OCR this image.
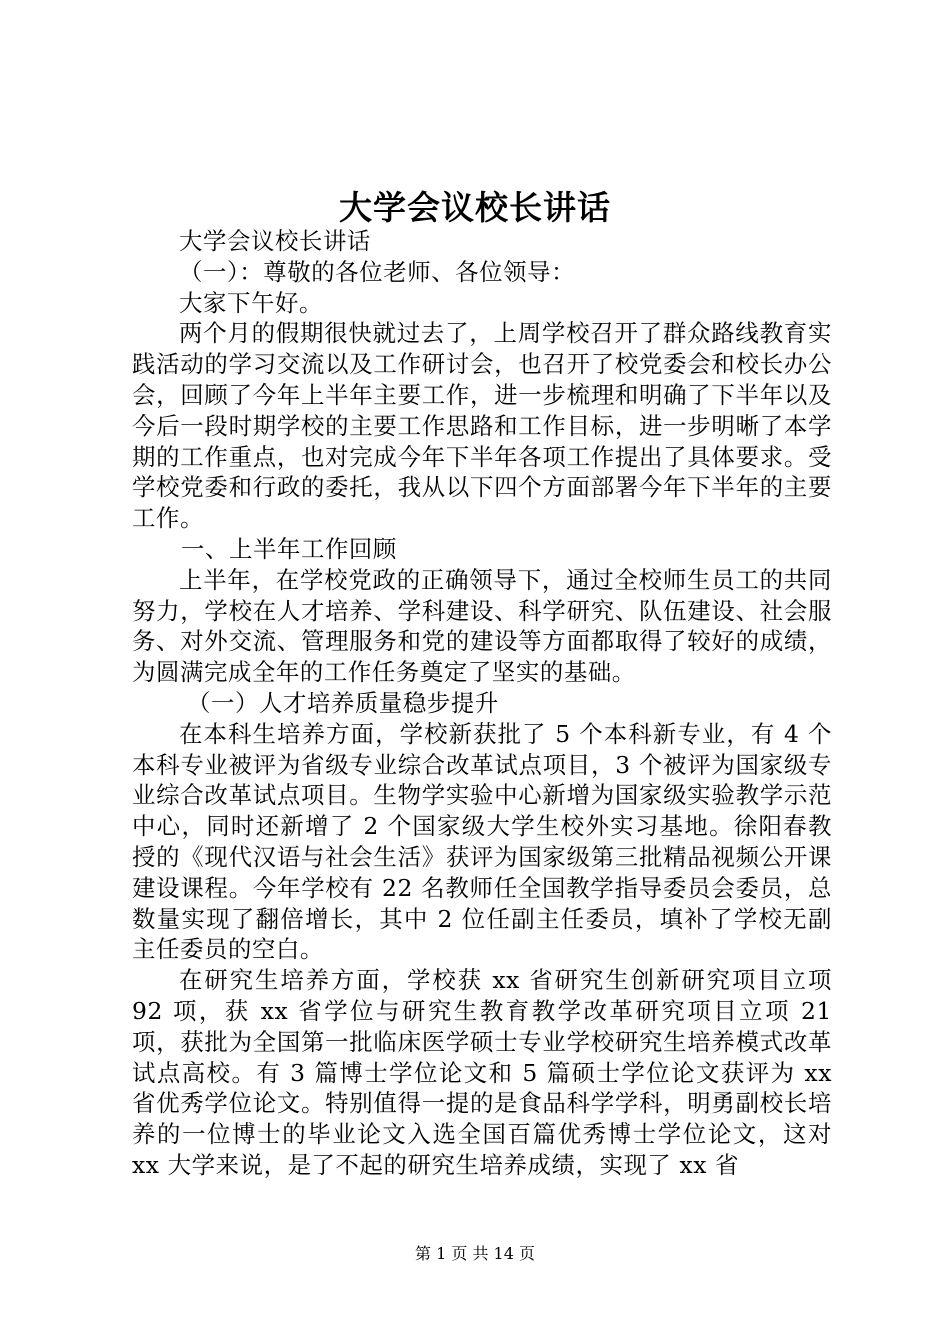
大学会议校长讲话

大学会议校长讲话

（一）：尊敬的各位老师、各位领导：

大家下午好。

两个月的假期很快就过去了，上周学校召开了群众路线教育实践活动的学习交流以及工作研讨会，也召开了校党委会和校长办公会，回顾了今年上半年主要工作，进一步梳理和明确了下半年以及今后一段时期学校的主要工作思路和工作目标，进一步明晰了本学期的工作重点，也对完成今年下半年各项工作提出了具体要求。受学校党委和行政的委托，我从以下四个方面部署今年下半年的主要工作。

一、上半年工作回顾

上半年，在学校党政的正确领导下，通过全校师生员工的共同努力，学校在人才培养、学科建设、科学研究、队伍建设、社会服务、对外交流、管理服务和党的建设等方面都取得了较好的成绩，为圆满完成全年的工作任务奠定了坚实的基础。

（一）人才培养质量稳步提升

在本科生培养方面，学校新获批了 5 个本科新专业，有 4 个本科专业被评为省级专业综合改革试点项目，3 个被评为国家级专业综合改革试点项目。生物学实验中心新增为国家级实验教学示范中心，同时还新增了 2 个国家级大学生校外实习基地。徐阳春教授的《现代汉语与社会生活》获评为国家级第三批精品视频公开课建设课程。今年学校有 22 名教师任全国教学指导委员会委员，总数量实现了翻倍增长，其中 2 位任副主任委员，填补了学校无副主任委员的空白。

在研究生培养方面，学校获 xx 省研究生创新研究项目立项 92 项，获 xx 省学位与研究生教育教学改革研究项目立项 21 项，获批为全国第一批临床医学硕士专业学校研究生培养模式改革试点高校。有 3 篇博士学位论文和 5 篇硕士学位论文获评为 xx 省优秀学位论文。特别值得一提的是食品科学学科，明勇副校长培养的一位博士的毕业论文入选全国百篇优秀博士学位论文，这对 xx 大学来说，是了不起的研究生培养成绩，实现了 xx 省

第 1 页 共 14 页
